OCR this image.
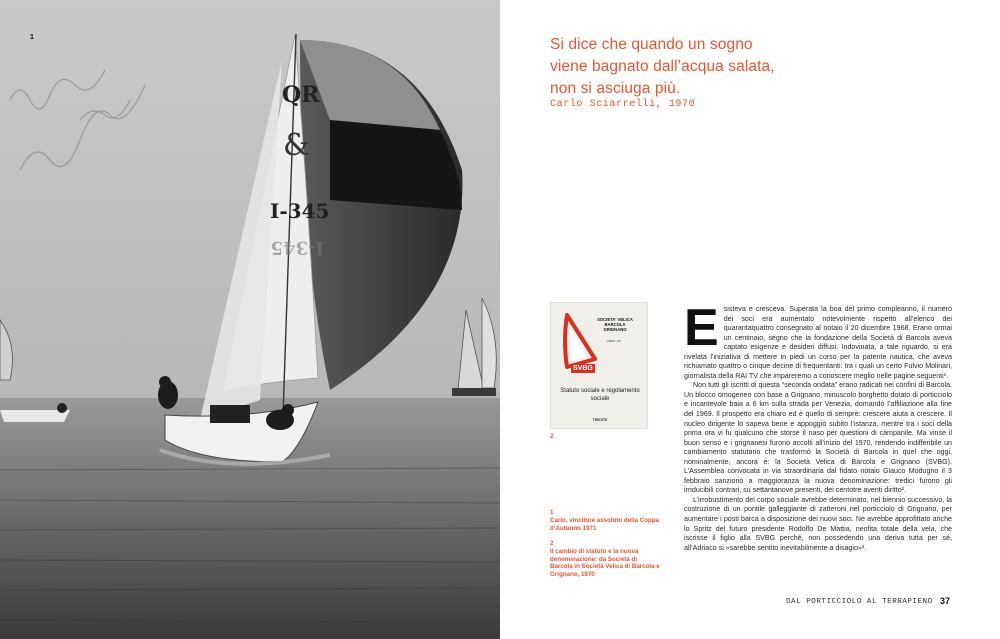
QR
&
I-345
I-345
1	Si dice che quando un sogno viene bagnato dall’acqua salata, non si asciuga più.
Carlo Sciarrelli, 1970
SOCIETA' VELICA BARCOLA GRIGNANO
CENNI - FIV
SVBG
Statuto sociale e regolamento sociale
TRIESTE
2
1
Carlo, vincitore assoluto della Coppa d’Autunno 1971
2
Il cambio di statuto e la nuova denominazione: da Società di Barcola in Società Velica di Barcola e Grignano, 1970

Esisteva e cresceva. Superata la boa del primo compleanno, il numero dei soci era aumentato notevolmente rispetto all’elenco dei quarantaquattro consegnato al notaio il 20 dicembre 1968. Erano ormai un centinaio, segno che la fondazione della Società di Barcola aveva captato esigenze e desideri diffusi. Indovinata, a tale riguardo, si era rivelata l’iniziativa di mettere in piedi un corso per la patente nautica, che aveva richiamato quattro o cinque decine di frequentanti: tra i quali un certo Fulvio Molinari, giornalista della RAI TV che impareremo a conoscere meglio nelle pagine seguenti¹.

Non tutti gli iscritti di questa “seconda ondata” erano radicati nei confini di Barcola. Un blocco omogeneo con base a Grignano, minuscolo borghetto dotato di porticciolo e incantevole baia a 6 km sulla strada per Venezia, domandò l’affiliazione alla fine del 1969. Il prospetto era chiaro ed è quello di sempre: crescere aiuta a crescere. Il nucleo dirigente lo sapeva bene e appoggiò subito l’istanza, mentre tra i soci della prima ora vi fu qualcuno che storse il naso per questioni di campanile. Ma vinse il buon senso e i grignanesi furono accolti all’inizio del 1970, rendendo indifferibile un cambiamento statutario che trasformò la Società di Barcola in quel che oggi, nominalmente, ancora è: la Società Velica di Barcola e Grignano (SVBG). L’Assemblea convocata in via straordinaria dal fidato notaio Glauco Modugno il 3 febbraio sanzionò a maggioranza la nuova denominazione: tredici furono gli irriducibili contrari, su settantanove presenti, dei centotre aventi diritto².

L’irrobustimento del corpo sociale avrebbe determinato, nel biennio successivo, la costruzione di un pontile galleggiante di zatteroni nel porticciolo di Grignano, per aumentare i posti barca a disposizione dei nuovi soci. Ne avrebbe approfittato anche lo Spritz del futuro presidente Rodolfo De Mattia, neofita totale della vela, che iscrisse il figlio alla SVBG perché, non possedendo una deriva tutta per sé, all’Adriaco si «sarebbe sentito inevitabilmente a disagio»³.

DAL PORTICCIOLO AL TERRAPIENO 37
